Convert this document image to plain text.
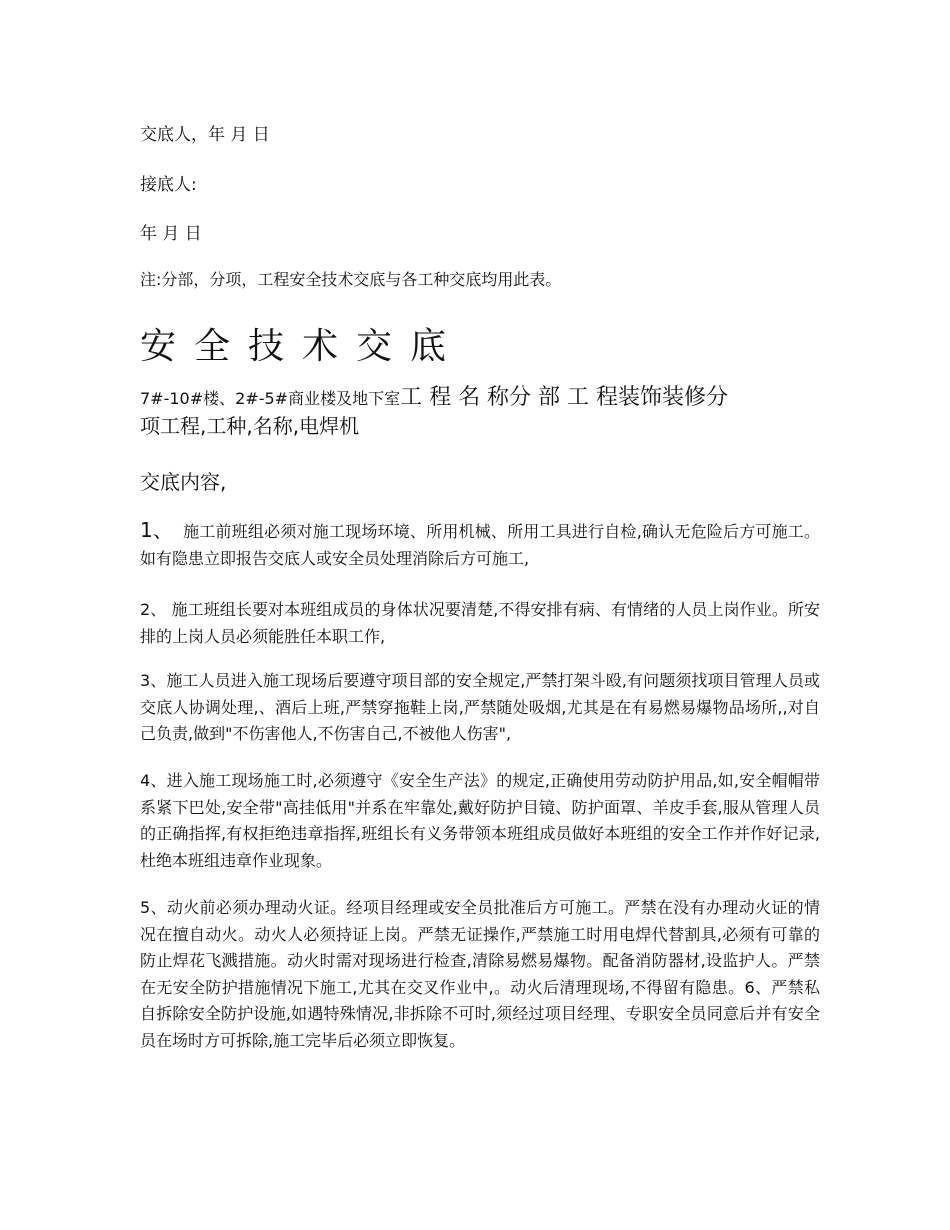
交底人，年 月 日
接底人:
年 月 日
注:分部，分项，工程安全技术交底与各工种交底均用此表。
安全技术交底
7#-10#楼、2#-5#商业楼及地下室工 程 名 称分 部 工 程装饰装修分
项工程,工种,名称,电焊机
交底内容,

1、 施工前班组必须对施工现场环境、所用机械、所用工具进行自检,确认无危险后方可施工。如有隐患立即报告交底人或安全员处理消除后方可施工,

2、 施工班组长要对本班组成员的身体状况要清楚,不得安排有病、有情绪的人员上岗作业。所安排的上岗人员必须能胜任本职工作,

3、施工人员进入施工现场后要遵守项目部的安全规定,严禁打架斗殴,有问题须找项目管理人员或交底人协调处理,、酒后上班,严禁穿拖鞋上岗,严禁随处吸烟,尤其是在有易燃易爆物品场所,,对自己负责,做到"不伤害他人,不伤害自己,不被他人伤害",

4、进入施工现场施工时,必须遵守《安全生产法》的规定,正确使用劳动防护用品,如,安全帽帽带系紧下巴处,安全带"高挂低用"并系在牢靠处,戴好防护目镜、防护面罩、羊皮手套,服从管理人员的正确指挥,有权拒绝违章指挥,班组长有义务带领本班组成员做好本班组的安全工作并作好记录,杜绝本班组违章作业现象。

5、动火前必须办理动火证。经项目经理或安全员批准后方可施工。严禁在没有办理动火证的情况在擅自动火。动火人必须持证上岗。严禁无证操作,严禁施工时用电焊代替割具,必须有可靠的防止焊花飞溅措施。动火时需对现场进行检查,清除易燃易爆物。配备消防器材,设监护人。严禁在无安全防护措施情况下施工,尤其在交叉作业中,。动火后清理现场,不得留有隐患。6、严禁私自拆除安全防护设施,如遇特殊情况,非拆除不可时,须经过项目经理、专职安全员同意后并有安全员在场时方可拆除,施工完毕后必须立即恢复。
